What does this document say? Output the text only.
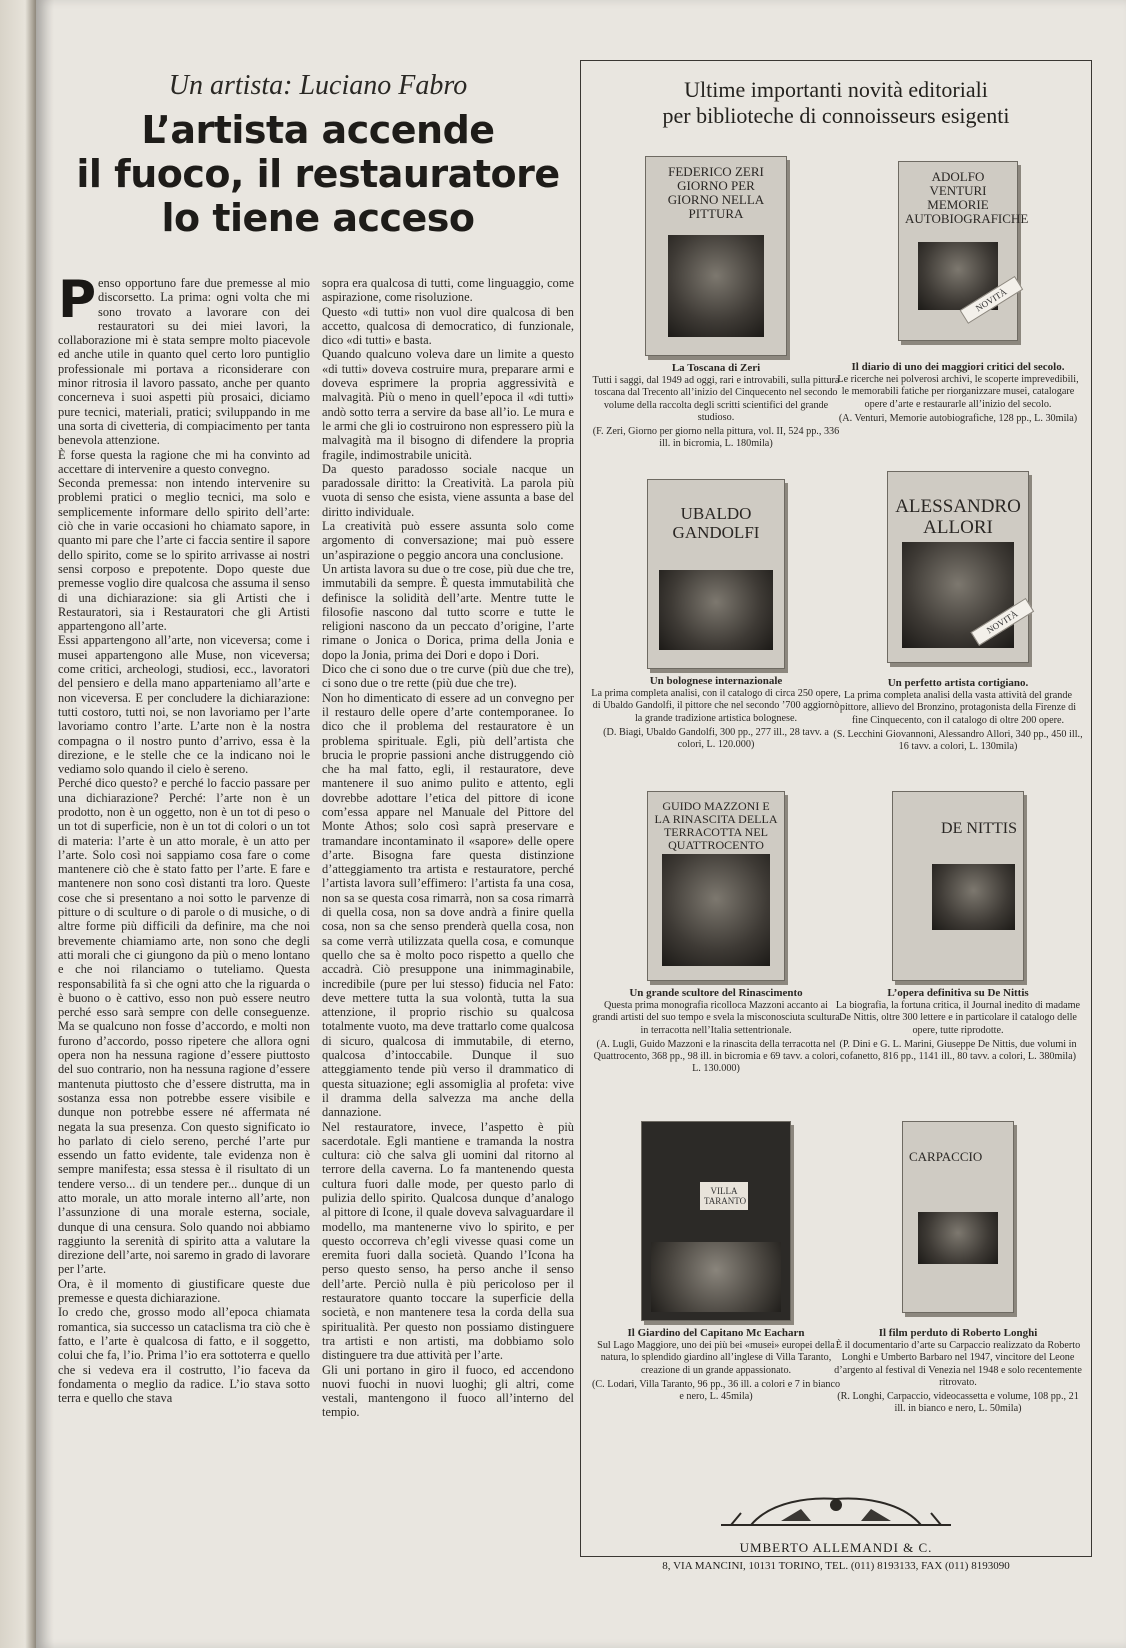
Un artista: Luciano Fabro
L’artista accende
il fuoco, il restauratore
lo tiene acceso
P enso opportuno fare due premesse al mio discorsetto. La prima: ogni volta che mi sono trovato a lavorare con dei restauratori su dei miei lavori, la collaborazione mi è stata sempre molto piacevole ed anche utile in quanto quel certo loro puntiglio professionale mi portava a riconsiderare con minor ritrosia il lavoro passato, anche per quanto concerneva i suoi aspetti più prosaici, diciamo pure tecnici, materiali, pratici; sviluppando in me una sorta di civetteria, di compiacimento per tanta benevola attenzione.

È forse questa la ragione che mi ha convinto ad accettare di intervenire a questo convegno.

Seconda premessa: non intendo intervenire su problemi pratici o meglio tecnici, ma solo e semplicemente informare dello spirito dell’arte: ciò che in varie occasioni ho chiamato sapore, in quanto mi pare che l’arte ci faccia sentire il sapore dello spirito, come se lo spirito arrivasse ai nostri sensi corposo e prepotente. Dopo queste due premesse voglio dire qualcosa che assuma il senso di una dichiarazione: sia gli Artisti che i Restauratori, sia i Restauratori che gli Artisti appartengono all’arte.

Essi appartengono all’arte, non viceversa; come i musei appartengono alle Muse, non viceversa; come critici, archeologi, studiosi, ecc., lavoratori del pensiero e della mano apparteniamo all’arte e non viceversa. E per concludere la dichiarazione: tutti costoro, tutti noi, se non lavoriamo per l’arte lavoriamo contro l’arte. L’arte non è la nostra compagna o il nostro punto d’arrivo, essa è la direzione, e le stelle che ce la indicano noi le vediamo solo quando il cielo è sereno.

Perché dico questo? e perché lo faccio passare per una dichiarazione? Perché: l’arte non è un prodotto, non è un oggetto, non è un tot di peso o un tot di superficie, non è un tot di colori o un tot di materia: l’arte è un atto morale, è un atto per l’arte. Solo così noi sappiamo cosa fare o come mantenere ciò che è stato fatto per l’arte. E fare e mantenere non sono così distanti tra loro. Queste cose che si presentano a noi sotto le parvenze di pitture o di sculture o di parole o di musiche, o di altre forme più difficili da definire, ma che noi brevemente chiamiamo arte, non sono che degli atti morali che ci giungono da più o meno lontano e che noi rilanciamo o tuteliamo. Questa responsabilità fa sì che ogni atto che la riguarda o è buono o è cattivo, esso non può essere neutro perché esso sarà sempre con delle conseguenze. Ma se qualcuno non fosse d’accordo, e molti non furono d’accordo, posso ripetere che allora ogni opera non ha nessuna ragione d’essere piuttosto del suo contrario, non ha nessuna ragione d’essere mantenuta piuttosto che d’essere distrutta, ma in sostanza essa non potrebbe essere visibile e dunque non potrebbe essere né affermata né negata la sua presenza. Con questo significato io ho parlato di cielo sereno, perché l’arte pur essendo un fatto evidente, tale evidenza non è sempre manifesta; essa stessa è il risultato di un tendere verso... di un tendere per... dunque di un atto morale, un atto morale interno all’arte, non l’assunzione di una morale esterna, sociale, dunque di una censura. Solo quando noi abbiamo raggiunto la serenità di spirito atta a valutare la direzione dell’arte, noi saremo in grado di lavorare per l’arte.

Ora, è il momento di giustificare queste due premesse e questa dichiarazione.

Io credo che, grosso modo all’epoca chiamata romantica, sia successo un cataclisma tra ciò che è fatto, e l’arte è qualcosa di fatto, e il soggetto, colui che fa, l’io. Prima l’io era sottoterra e quello che si vedeva era il costrutto, l’io faceva da fondamenta o meglio da radice. L’io stava sotto terra e quello che stava

sopra era qualcosa di tutti, come linguaggio, come aspirazione, come risoluzione.

Questo «di tutti» non vuol dire qualcosa di ben accetto, qualcosa di democratico, di funzionale, dico «di tutti» e basta.

Quando qualcuno voleva dare un limite a questo «di tutti» doveva costruire mura, preparare armi e doveva esprimere la propria aggressività e malvagità. Più o meno in quell’epoca il «di tutti» andò sotto terra a servire da base all’io. Le mura e le armi che gli io costruirono non espressero più la malvagità ma il bisogno di difendere la propria fragile, indimostrabile unicità.

Da questo paradosso sociale nacque un paradossale diritto: la Creatività. La parola più vuota di senso che esista, viene assunta a base del diritto individuale.

La creatività può essere assunta solo come argomento di conversazione; mai può essere un’aspirazione o peggio ancora una conclusione.

Un artista lavora su due o tre cose, più due che tre, immutabili da sempre. È questa immutabilità che definisce la solidità dell’arte. Mentre tutte le filosofie nascono dal tutto scorre e tutte le religioni nascono da un peccato d’origine, l’arte rimane o Jonica o Dorica, prima della Jonia e dopo la Jonia, prima dei Dori e dopo i Dori.

Dico che ci sono due o tre curve (più due che tre), ci sono due o tre rette (più due che tre).

Non ho dimenticato di essere ad un convegno per il restauro delle opere d’arte contemporanee. Io dico che il problema del restauratore è un problema spirituale. Egli, più dell’artista che brucia le proprie passioni anche distruggendo ciò che ha mal fatto, egli, il restauratore, deve mantenere il suo animo pulito e attento, egli dovrebbe adottare l’etica del pittore di icone com’essa appare nel Manuale del Pittore del Monte Athos; solo così saprà preservare e tramandare incontaminato il «sapore» delle opere d’arte. Bisogna fare questa distinzione d’atteggiamento tra artista e restauratore, perché l’artista lavora sull’effimero: l’artista fa una cosa, non sa se questa cosa rimarrà, non sa cosa rimarrà di quella cosa, non sa dove andrà a finire quella cosa, non sa che senso prenderà quella cosa, non sa come verrà utilizzata quella cosa, e comunque quello che sa è molto poco rispetto a quello che accadrà. Ciò presuppone una inimmaginabile, incredibile (pure per lui stesso) fiducia nel Fato: deve mettere tutta la sua volontà, tutta la sua attenzione, il proprio rischio su qualcosa totalmente vuoto, ma deve trattarlo come qualcosa di sicuro, qualcosa di immutabile, di eterno, qualcosa d’intoccabile. Dunque il suo atteggiamento tende più verso il drammatico di questa situazione; egli assomiglia al profeta: vive il dramma della salvezza ma anche della dannazione.

Nel restauratore, invece, l’aspetto è più sacerdotale. Egli mantiene e tramanda la nostra cultura: ciò che salva gli uomini dal ritorno al terrore della caverna. Lo fa mantenendo questa cultura fuori dalle mode, per questo parlo di pulizia dello spirito. Qualcosa dunque d’analogo al pittore di Icone, il quale doveva salvaguardare il modello, ma mantenerne vivo lo spirito, e per questo occorreva ch’egli vivesse quasi come un eremita fuori dalla società. Quando l’Icona ha perso questo senso, ha perso anche il senso dell’arte. Perciò nulla è più pericoloso per il restauratore quanto toccare la superficie della società, e non mantenere tesa la corda della sua spiritualità. Per questo non possiamo distinguere tra artisti e non artisti, ma dobbiamo solo distinguere tra due attività per l’arte.

Gli uni portano in giro il fuoco, ed accendono nuovi fuochi in nuovi luoghi; gli altri, come vestali, mantengono il fuoco all’interno del tempio.

Ultime importanti novità editoriali
per biblioteche di connoisseurs esigenti
FEDERICO ZERI GIORNO PER GIORNO NELLA PITTURA
La Toscana di Zeri
Tutti i saggi, dal 1949 ad oggi, rari e introvabili, sulla pittura toscana dal Trecento all’inizio del Cinquecento nel secondo volume della raccolta degli scritti scientifici del grande studioso.
(F. Zeri, Giorno per giorno nella pittura, vol. II, 524 pp., 336 ill. in bicromia, L. 180mila)
ADOLFO VENTURI MEMORIE AUTOBIOGRAFICHE
NOVITÀ
Il diario di uno dei maggiori critici del secolo.
Le ricerche nei polverosi archivi, le scoperte imprevedibili, le memorabili fatiche per riorganizzare musei, catalogare opere d’arte e restaurarle all’inizio del secolo.
(A. Venturi, Memorie autobiografiche, 128 pp., L. 30mila)
UBALDO GANDOLFI
Un bolognese internazionale
La prima completa analisi, con il catalogo di circa 250 opere, di Ubaldo Gandolfi, il pittore che nel secondo ’700 aggiornò la grande tradizione artistica bolognese.
(D. Biagi, Ubaldo Gandolfi, 300 pp., 277 ill., 28 tavv. a colori, L. 120.000)
ALESSANDRO ALLORI
NOVITÀ
Un perfetto artista cortigiano.
La prima completa analisi della vasta attività del grande pittore, allievo del Bronzino, protagonista della Firenze di fine Cinquecento, con il catalogo di oltre 200 opere.
(S. Lecchini Giovannoni, Alessandro Allori, 340 pp., 450 ill., 16 tavv. a colori, L. 130mila)
GUIDO MAZZONI E LA RINASCITA DELLA TERRACOTTA NEL QUATTROCENTO
Un grande scultore del Rinascimento
Questa prima monografia ricolloca Mazzoni accanto ai grandi artisti del suo tempo e svela la misconosciuta scultura in terracotta nell’Italia settentrionale.
(A. Lugli, Guido Mazzoni e la rinascita della terracotta nel Quattrocento, 368 pp., 98 ill. in bicromia e 69 tavv. a colori, L. 130.000)
DE NITTIS
L’opera definitiva su De Nittis
La biografia, la fortuna critica, il Journal inedito di madame De Nittis, oltre 300 lettere e in particolare il catalogo delle opere, tutte riprodotte.
(P. Dini e G. L. Marini, Giuseppe De Nittis, due volumi in cofanetto, 816 pp., 1141 ill., 80 tavv. a colori, L. 380mila)
VILLA TARANTO
Il Giardino del Capitano Mc Eacharn
Sul Lago Maggiore, uno dei più bei «musei» europei della natura, lo splendido giardino all’inglese di Villa Taranto, creazione di un grande appassionato.
(C. Lodari, Villa Taranto, 96 pp., 36 ill. a colori e 7 in bianco e nero, L. 45mila)
CARPACCIO
Il film perduto di Roberto Longhi
È il documentario d’arte su Carpaccio realizzato da Roberto Longhi e Umberto Barbaro nel 1947, vincitore del Leone d’argento al festival di Venezia nel 1948 e solo recentemente ritrovato.
(R. Longhi, Carpaccio, videocassetta e volume, 108 pp., 21 ill. in bianco e nero, L. 50mila)
UMBERTO ALLEMANDI & C.
8, VIA MANCINI, 10131 TORINO, TEL. (011) 8193133, FAX (011) 8193090
